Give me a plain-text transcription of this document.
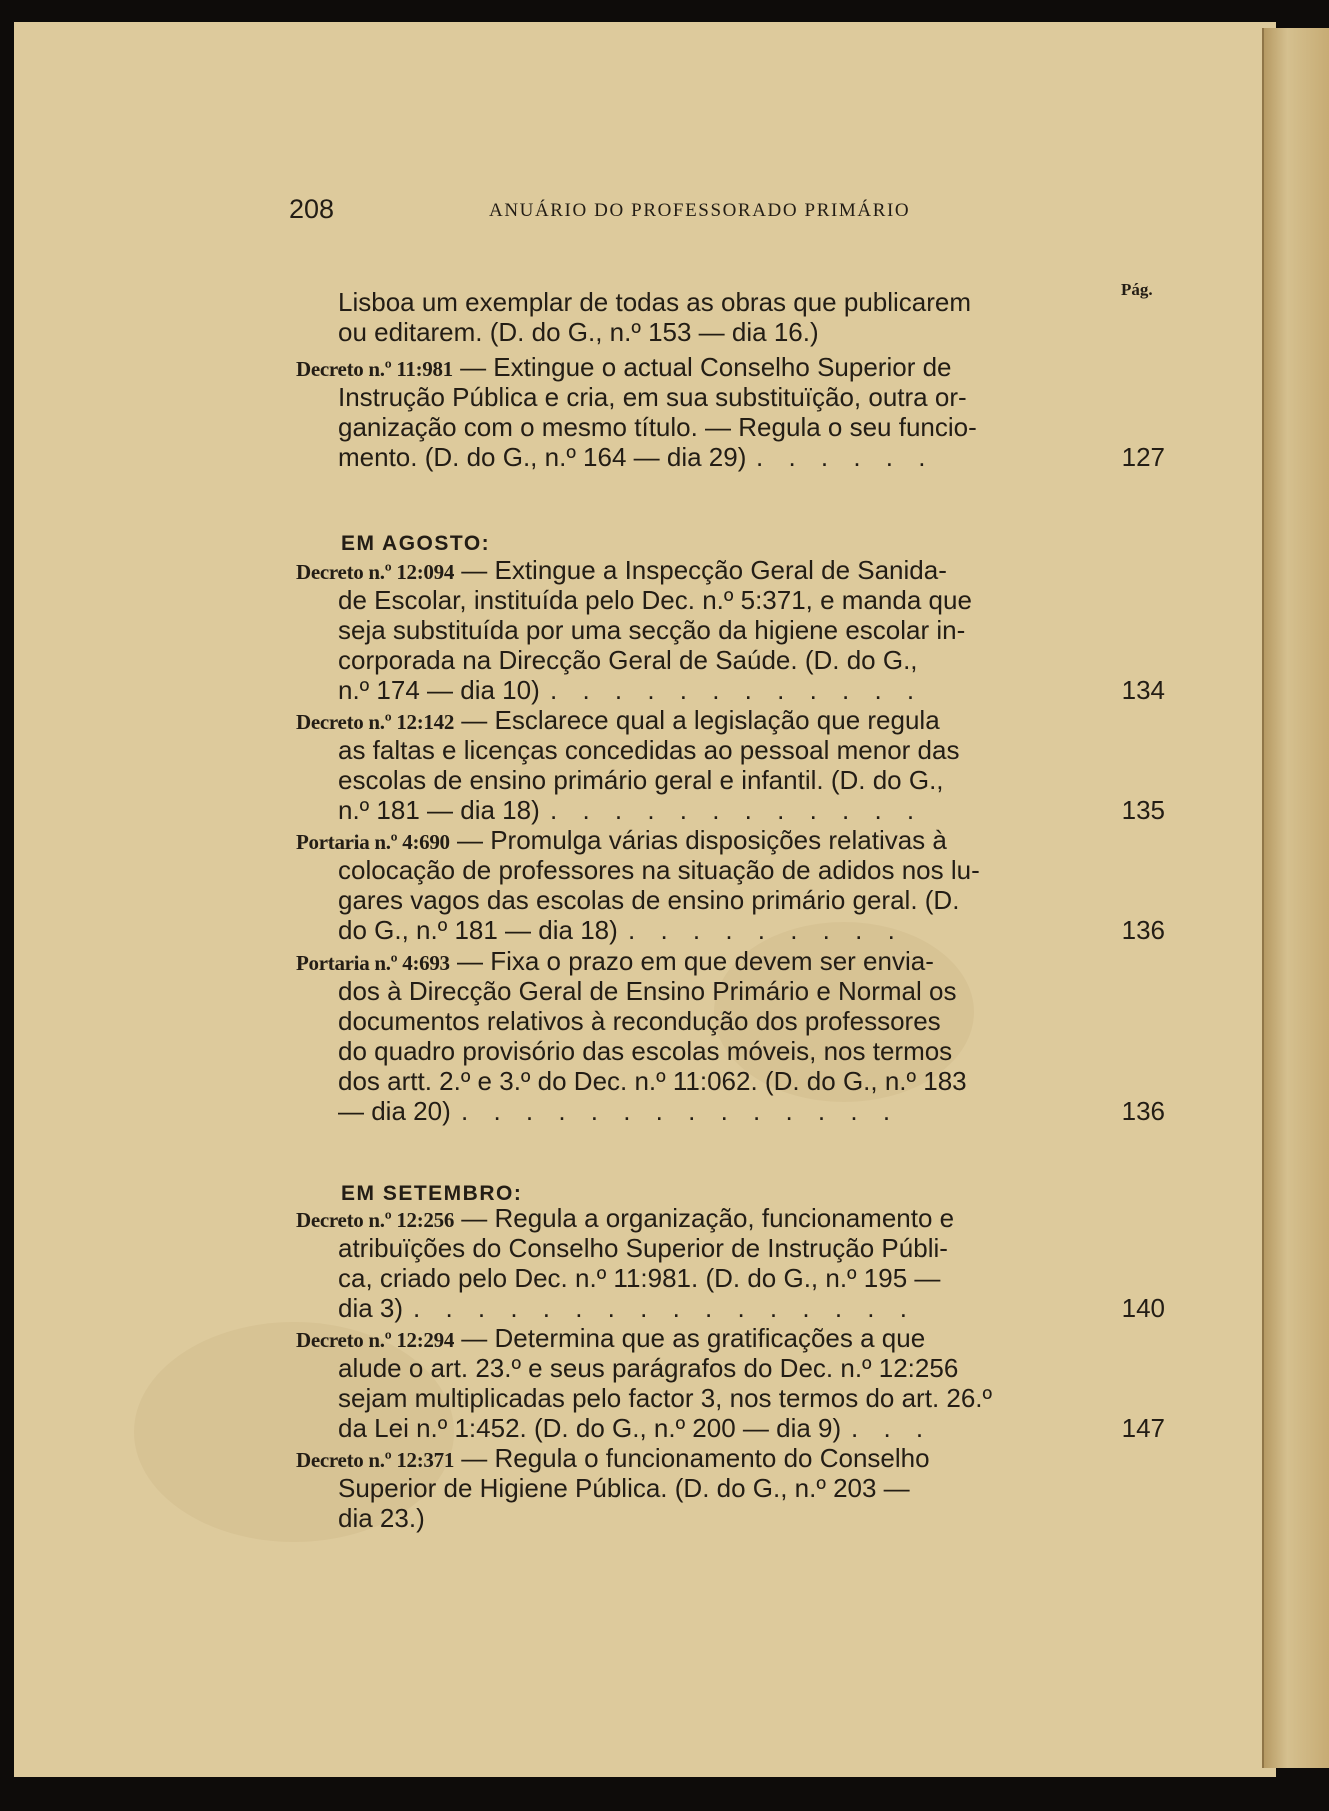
208	ANUÁRIO DO PROFESSORADO PRIMÁRIO
Pág.
Lisboa um exemplar de todas as obras que publicarem
ou editarem. (D. do G., n.º 153 — dia 16.)
Decreto n.º 11:981 — Extingue o actual Conselho Superior de
Instrução Pública e cria, em sua substituïção, outra or-
ganização com o mesmo título. — Regula o seu funcio-
mento. (D. do G., n.º 164 — dia 29) . . . . . .	127
EM AGOSTO:
Decreto n.º 12:094 — Extingue a Inspecção Geral de Sanida-
de Escolar, instituída pelo Dec. n.º 5:371, e manda que
seja substituída por uma secção da higiene escolar in-
corporada na Direcção Geral de Saúde. (D. do G.,
n.º 174 — dia 10) . . . . . . . . . . . .	134
Decreto n.º 12:142 — Esclarece qual a legislação que regula
as faltas e licenças concedidas ao pessoal menor das
escolas de ensino primário geral e infantil. (D. do G.,
n.º 181 — dia 18) . . . . . . . . . . . .	135
Portaria n.º 4:690 — Promulga várias disposições relativas à
colocação de professores na situação de adidos nos lu-
gares vagos das escolas de ensino primário geral. (D.
do G., n.º 181 — dia 18) . . . . . . . . .	136
Portaria n.º 4:693 — Fixa o prazo em que devem ser envia-
dos à Direcção Geral de Ensino Primário e Normal os
documentos relativos à recondução dos professores
do quadro provisório das escolas móveis, nos termos
dos artt. 2.º e 3.º do Dec. n.º 11:062. (D. do G., n.º 183
— dia 20) . . . . . . . . . . . . . .	136
EM SETEMBRO:
Decreto n.º 12:256 — Regula a organização, funcionamento e
atribuïções do Conselho Superior de Instrução Públi-
ca, criado pelo Dec. n.º 11:981. (D. do G., n.º 195 —
dia 3) . . . . . . . . . . . . . . . .	140
Decreto n.º 12:294 — Determina que as gratificações a que
alude o art. 23.º e seus parágrafos do Dec. n.º 12:256
sejam multiplicadas pelo factor 3, nos termos do art. 26.º
da Lei n.º 1:452. (D. do G., n.º 200 — dia 9) . . .	147
Decreto n.º 12:371 — Regula o funcionamento do Conselho
Superior de Higiene Pública. (D. do G., n.º 203 —
dia 23.)
